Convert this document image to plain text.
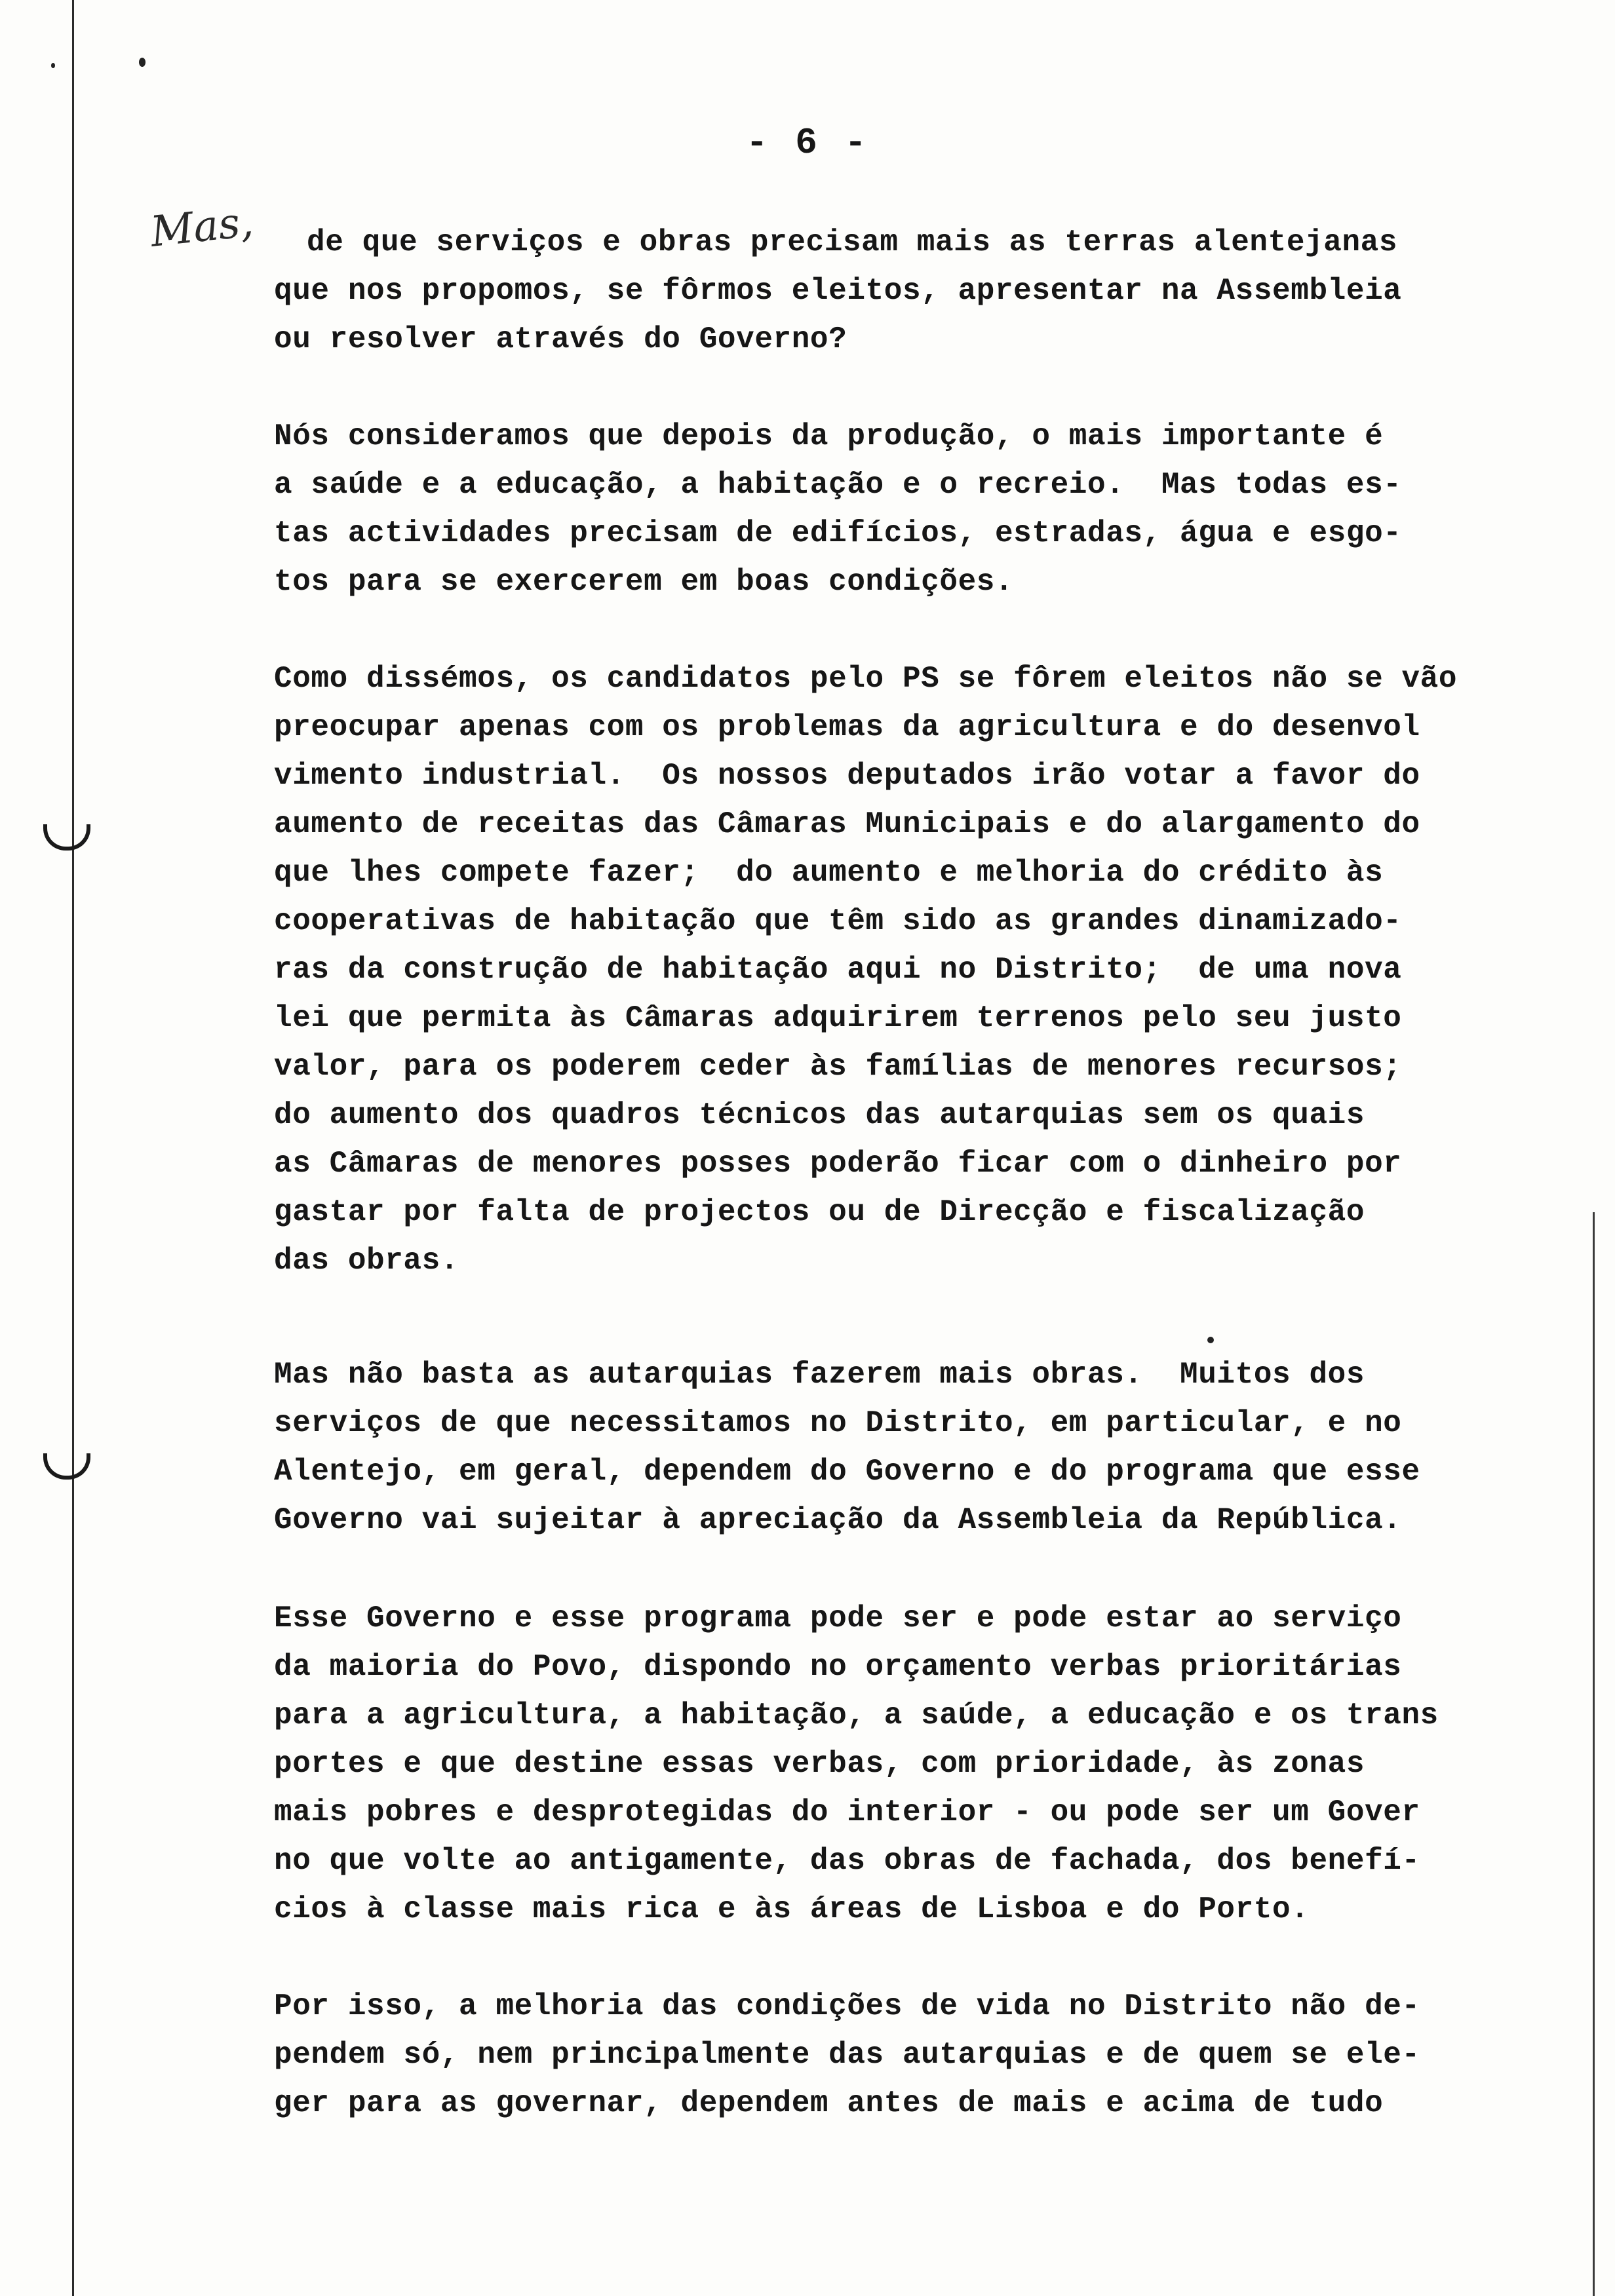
- 6 -
Mas, de que serviços e obras precisam mais as terras alentejanas
que nos propomos, se fôrmos eleitos, apresentar na Assembleia
ou resolver através do Governo?
Nós consideramos que depois da produção, o mais importante é
a saúde e a educação, a habitação e o recreio.  Mas todas es-
tas actividades precisam de edifícios, estradas, água e esgo-
tos para se exercerem em boas condições.
Como dissémos, os candidatos pelo PS se fôrem eleitos não se vão
preocupar apenas com os problemas da agricultura e do desenvol
vimento industrial.  Os nossos deputados irão votar a favor do
aumento de receitas das Câmaras Municipais e do alargamento do
que lhes compete fazer;  do aumento e melhoria do crédito às
cooperativas de habitação que têm sido as grandes dinamizado-
ras da construção de habitação aqui no Distrito;  de uma nova
lei que permita às Câmaras adquirirem terrenos pelo seu justo
valor, para os poderem ceder às famílias de menores recursos;
do aumento dos quadros técnicos das autarquias sem os quais
as Câmaras de menores posses poderão ficar com o dinheiro por
gastar por falta de projectos ou de Direcção e fiscalização
das obras.
Mas não basta as autarquias fazerem mais obras.  Muitos dos
serviços de que necessitamos no Distrito, em particular, e no
Alentejo, em geral, dependem do Governo e do programa que esse
Governo vai sujeitar à apreciação da Assembleia da República.
Esse Governo e esse programa pode ser e pode estar ao serviço
da maioria do Povo, dispondo no orçamento verbas prioritárias
para a agricultura, a habitação, a saúde, a educação e os trans
portes e que destine essas verbas, com prioridade, às zonas
mais pobres e desprotegidas do interior - ou pode ser um Gover
no que volte ao antigamente, das obras de fachada, dos benefí-
cios à classe mais rica e às áreas de Lisboa e do Porto.
Por isso, a melhoria das condições de vida no Distrito não de-
pendem só, nem principalmente das autarquias e de quem se ele-
ger para as governar, dependem antes de mais e acima de tudo
